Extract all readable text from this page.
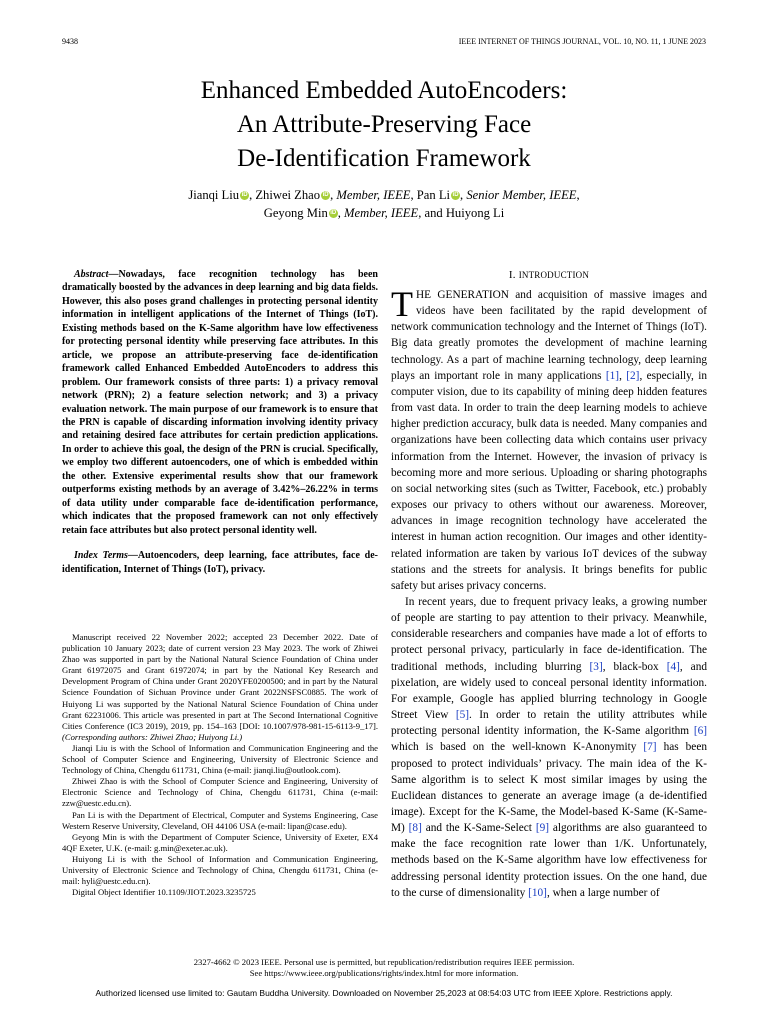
9438	IEEE INTERNET OF THINGS JOURNAL, VOL. 10, NO. 11, 1 JUNE 2023
Enhanced Embedded AutoEncoders:
An Attribute-Preserving Face
De-Identification Framework
Jianqi Liu iD , Zhiwei Zhao iD , Member, IEEE, Pan Li iD , Senior Member, IEEE,
Geyong Min iD , Member, IEEE, and Huiyong Li

Abstract—Nowadays, face recognition technology has been dramatically boosted by the advances in deep learning and big data fields. However, this also poses grand challenges in protecting personal identity information in intelligent applications of the Internet of Things (IoT). Existing methods based on the K-Same algorithm have low effectiveness for protecting personal identity while preserving face attributes. In this article, we propose an attribute-preserving face de-identification framework called Enhanced Embedded AutoEncoders to address this problem. Our framework consists of three parts: 1) a privacy removal network (PRN); 2) a feature selection network; and 3) a privacy evaluation network. The main purpose of our framework is to ensure that the PRN is capable of discarding information involving identity privacy and retaining desired face attributes for certain prediction applications. In order to achieve this goal, the design of the PRN is crucial. Specifically, we employ two different autoencoders, one of which is embedded within the other. Extensive experimental results show that our framework outperforms existing methods by an average of 3.42%–26.22% in terms of data utility under comparable face de-identification performance, which indicates that the proposed framework can not only effectively retain face attributes but also protect personal identity well.

Index Terms—Autoencoders, deep learning, face attributes, face de-identification, Internet of Things (IoT), privacy.

Manuscript received 22 November 2022; accepted 23 December 2022. Date of publication 10 January 2023; date of current version 23 May 2023. The work of Zhiwei Zhao was supported in part by the National Natural Science Foundation of China under Grant 61972075 and Grant 61972074; in part by the National Key Research and Development Program of China under Grant 2020YFE0200500; and in part by the Natural Science Foundation of Sichuan Province under Grant 2022NSFSC0885. The work of Huiyong Li was supported by the National Natural Science Foundation of China under Grant 62231006. This article was presented in part at The Second International Cognitive Cities Conference (IC3 2019), 2019, pp. 154–163 [DOI: 10.1007/978-981-15-6113-9_17]. (Corresponding authors: Zhiwei Zhao; Huiyong Li.)

Jianqi Liu is with the School of Information and Communication Engineering and the School of Computer Science and Engineering, University of Electronic Science and Technology of China, Chengdu 611731, China (e-mail: jianqi.liu@outlook.com).

Zhiwei Zhao is with the School of Computer Science and Engineering, University of Electronic Science and Technology of China, Chengdu 611731, China (e-mail: zzw@uestc.edu.cn).

Pan Li is with the Department of Electrical, Computer and Systems Engineering, Case Western Reserve University, Cleveland, OH 44106 USA (e-mail: lipan@case.edu).

Geyong Min is with the Department of Computer Science, University of Exeter, EX4 4QF Exeter, U.K. (e-mail: g.min@exeter.ac.uk).

Huiyong Li is with the School of Information and Communication Engineering, University of Electronic Science and Technology of China, Chengdu 611731, China (e-mail: hyli@uestc.edu.cn).

Digital Object Identifier 10.1109/JIOT.2023.3235725

I. INTRODUCTION

THE GENERATION and acquisition of massive images and videos have been facilitated by the rapid development of network communication technology and the Internet of Things (IoT). Big data greatly promotes the development of machine learning technology. As a part of machine learning technology, deep learning plays an important role in many applications [1], [2], especially, in computer vision, due to its capability of mining deep hidden features from vast data. In order to train the deep learning models to achieve higher prediction accuracy, bulk data is needed. Many companies and organizations have been collecting data which contains user privacy information from the Internet. However, the invasion of privacy is becoming more and more serious. Uploading or sharing photographs on social networking sites (such as Twitter, Facebook, etc.) probably exposes our privacy to others without our awareness. Moreover, advances in image recognition technology have accelerated the interest in human action recognition. Our images and other identity-related information are taken by various IoT devices of the subway stations and the streets for analysis. It brings benefits for public safety but arises privacy concerns.

In recent years, due to frequent privacy leaks, a growing number of people are starting to pay attention to their privacy. Meanwhile, considerable researchers and companies have made a lot of efforts to protect personal privacy, particularly in face de-identification. The traditional methods, including blurring [3], black-box [4], and pixelation, are widely used to conceal personal identity information. For example, Google has applied blurring technology in Google Street View [5]. In order to retain the utility attributes while protecting personal identity information, the K-Same algorithm [6] which is based on the well-known K-Anonymity [7] has been proposed to protect individuals’ privacy. The main idea of the K-Same algorithm is to select K most similar images by using the Euclidean distances to generate an average image (a de-identified image). Except for the K-Same, the Model-based K-Same (K-Same-M) [8] and the K-Same-Select [9] algorithms are also guaranteed to make the face recognition rate lower than 1/K. Unfortunately, methods based on the K-Same algorithm have low effectiveness for addressing personal identity protection issues. On the one hand, due to the curse of dimensionality [10], when a large number of

2327-4662 © 2023 IEEE. Personal use is permitted, but republication/redistribution requires IEEE permission.
See https://www.ieee.org/publications/rights/index.html for more information.
Authorized licensed use limited to: Gautam Buddha University. Downloaded on November 25,2023 at 08:54:03 UTC from IEEE Xplore. Restrictions apply.
